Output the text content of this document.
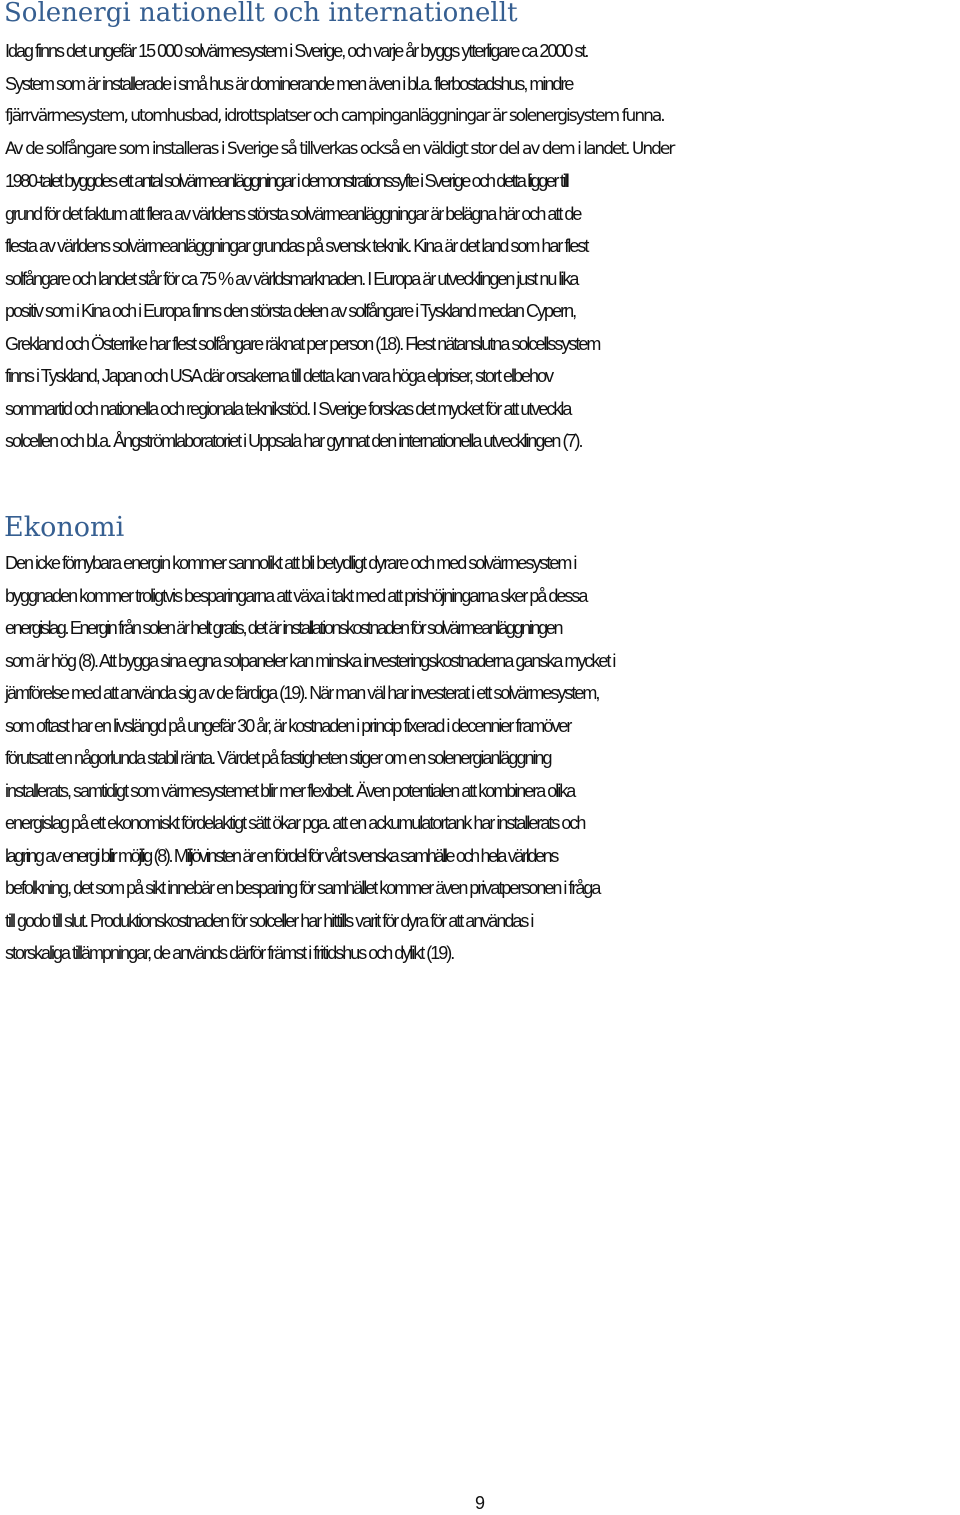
Solenergi nationellt och internationellt
Idag finns det ungefär 15 000 solvärmesystem i Sverige, och varje år byggs ytterligare ca 2000 st.
System som är installerade i små hus är dominerande men även i bl.a. flerbostadshus, mindre
fjärrvärmesystem, utomhusbad, idrottsplatser och campinganläggningar är solenergisystem funna.
Av de solfångare som installeras i Sverige så tillverkas också en väldigt stor del av dem i landet. Under
1980-talet byggdes ett antal solvärmeanläggningar i demonstrationssyfte i Sverige och detta ligger till
grund för det faktum att flera av världens största solvärmeanläggningar är belägna här och att de
flesta av världens solvärmeanläggningar grundas på svensk teknik. Kina är det land som har flest
solfångare och landet står för ca 75 % av världsmarknaden. I Europa är utvecklingen just nu lika
positiv som i Kina och i Europa finns den största delen av solfångare i Tyskland medan Cypern,
Grekland och Österrike har flest solfångare räknat per person (18). Flest nätanslutna solcellssystem
finns i Tyskland, Japan och USA där orsakerna till detta kan vara höga elpriser, stort elbehov
sommartid och nationella och regionala teknikstöd. I Sverige forskas det mycket för att utveckla
solcellen och bl.a. Ångströmlaboratoriet i Uppsala har gynnat den internationella utvecklingen (7).
Ekonomi
Den icke förnybara energin kommer sannolikt att bli betydligt dyrare och med solvärmesystem i
byggnaden kommer troligtvis besparingarna att växa i takt med att prishöjningarna sker på dessa
energislag. Energin från solen är helt gratis, det är installationskostnaden för solvärmeanläggningen
som är hög (8). Att bygga sina egna solpaneler kan minska investeringskostnaderna ganska mycket i
jämförelse med att använda sig av de färdiga (19). När man väl har investerat i ett solvärmesystem,
som oftast har en livslängd på ungefär 30 år, är kostnaden i princip fixerad i decennier framöver
förutsatt en någorlunda stabil ränta. Värdet på fastigheten stiger om en solenergianläggning
installerats, samtidigt som värmesystemet blir mer flexibelt. Även potentialen att kombinera olika
energislag på ett ekonomiskt fördelaktigt sätt ökar pga. att en ackumulatortank har installerats och
lagring av energi blir möjlig (8). Miljövinsten är en fördel för vårt svenska samhälle och hela världens
befolkning, det som på sikt innebär en besparing för samhället kommer även privatpersonen i fråga
till godo till slut. Produktionskostnaden för solceller har hittills varit för dyra för att användas i
storskaliga tillämpningar, de används därför främst i fritidshus och dylikt (19).
9
